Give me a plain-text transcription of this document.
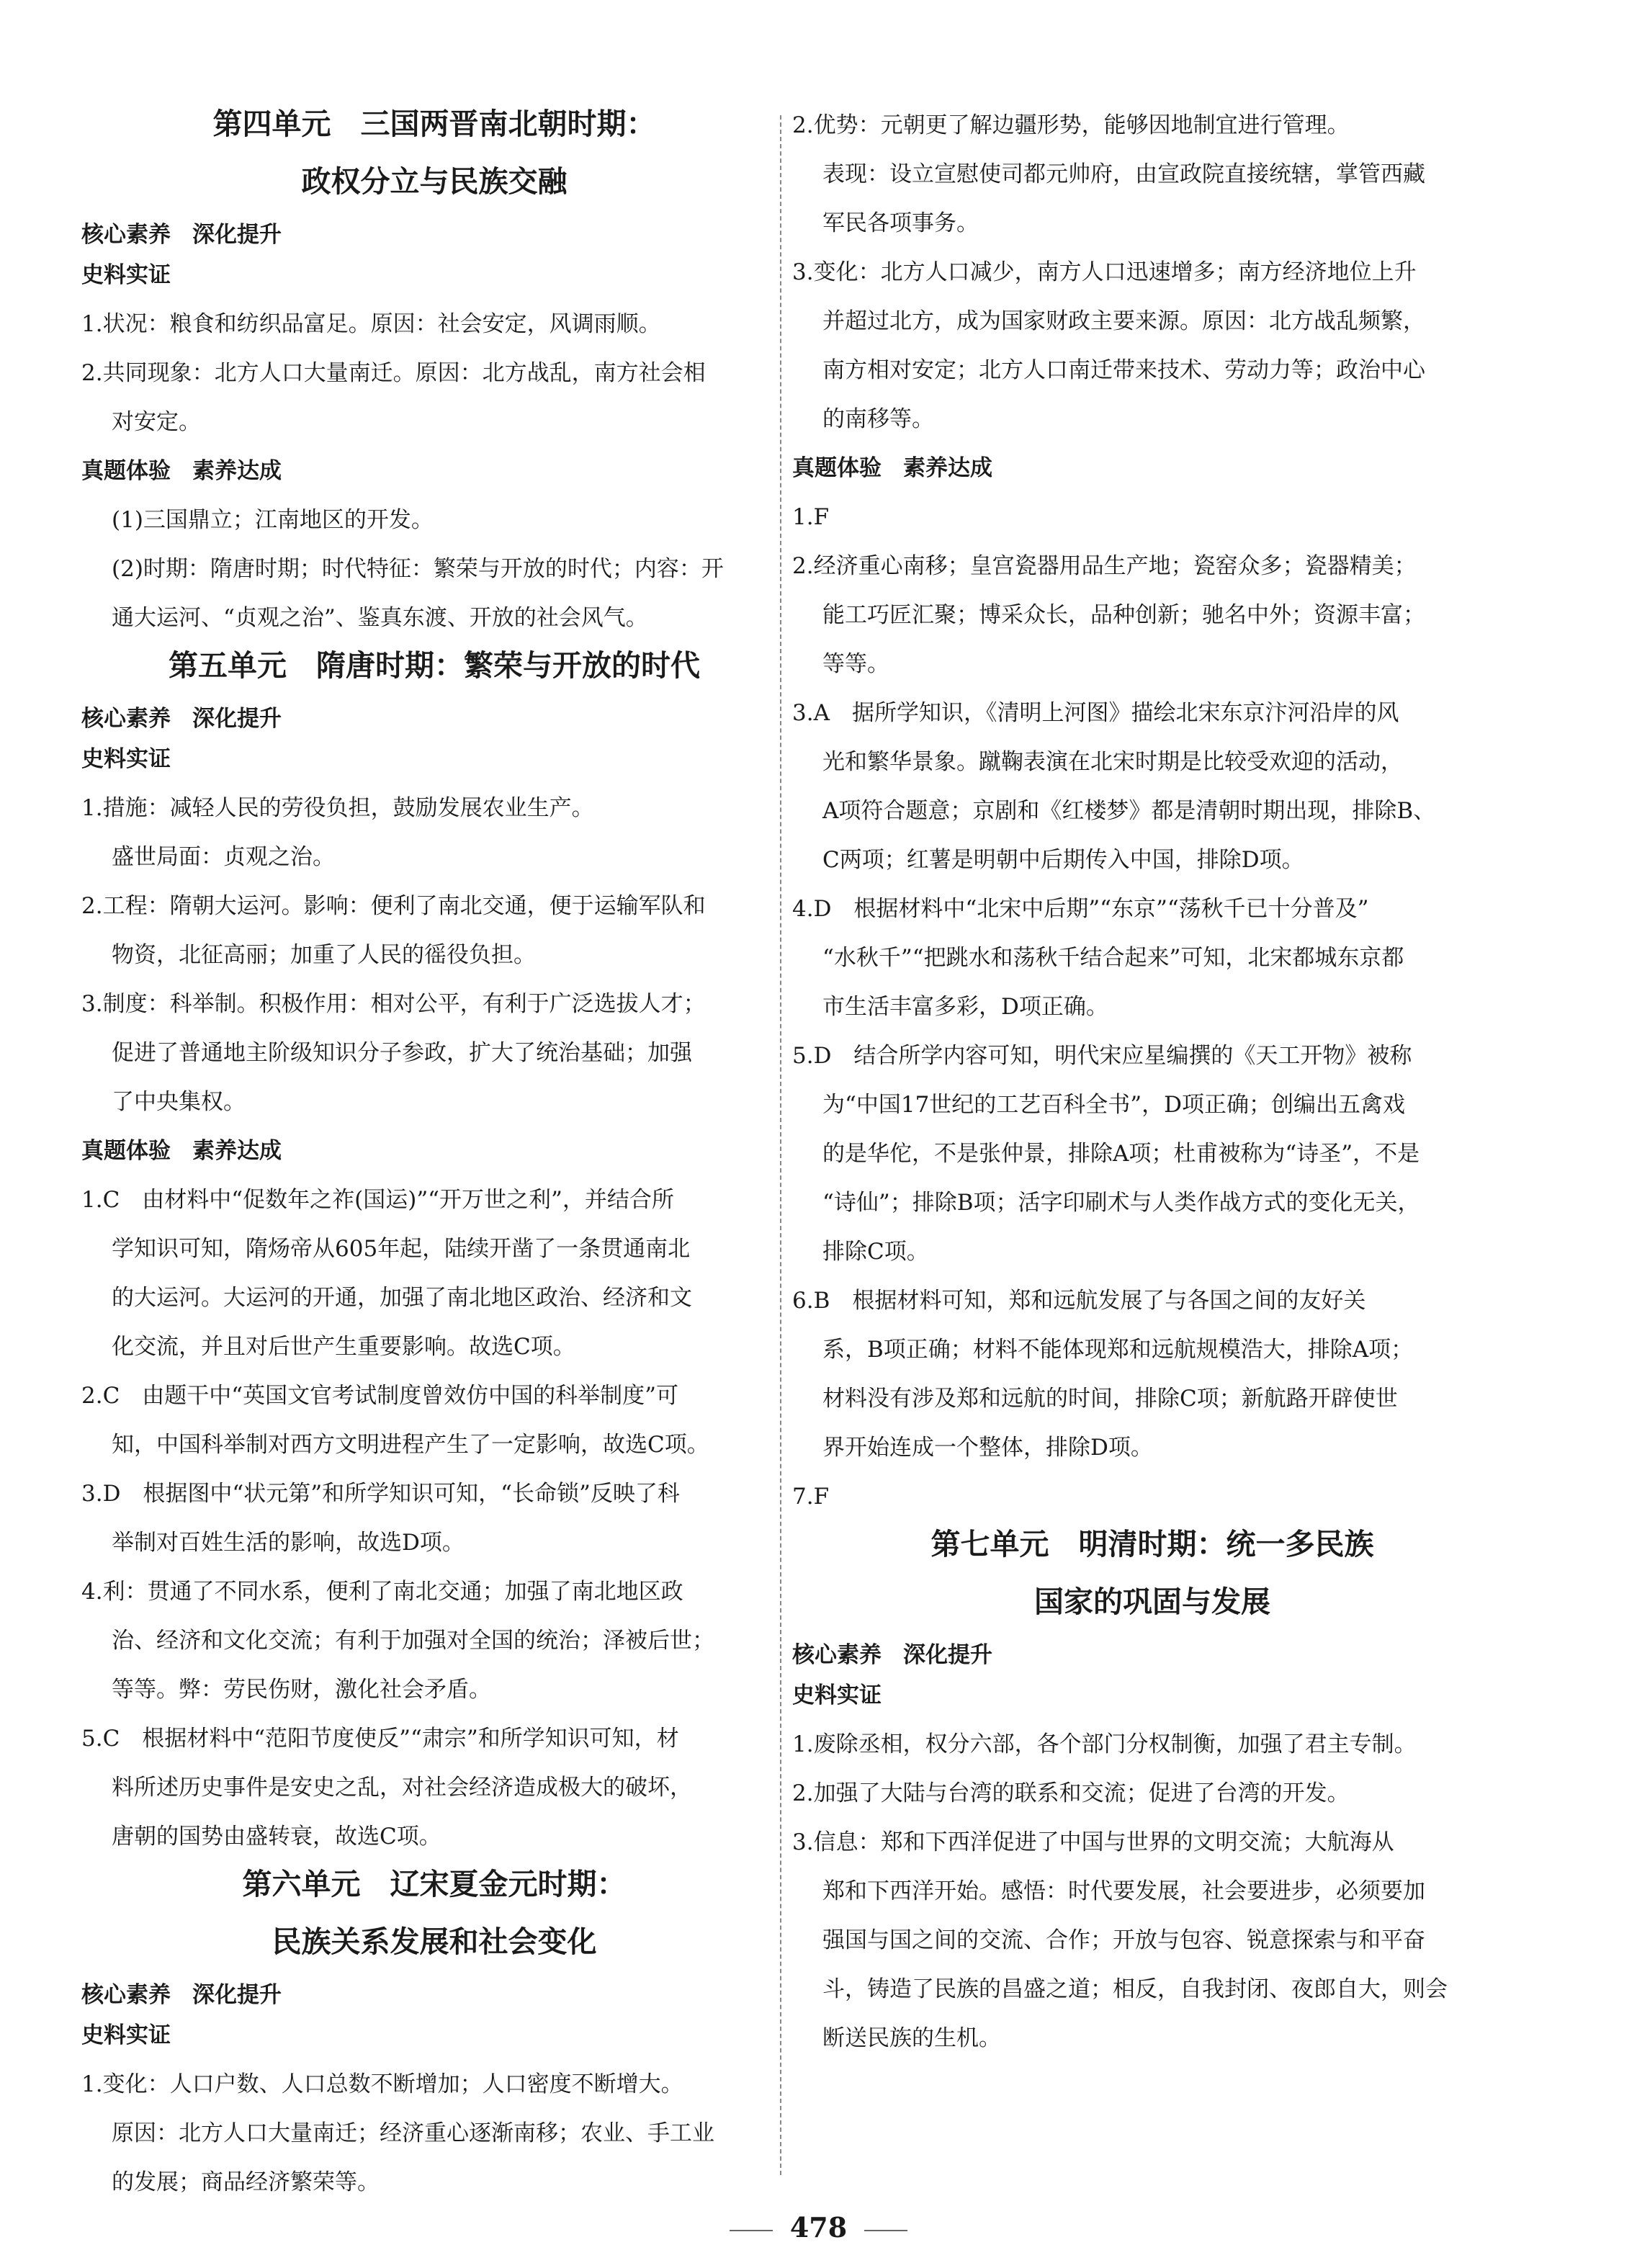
第四单元　三国两晋南北朝时期：
政权分立与民族交融
核心素养 深化提升
史料实证
1.状况：粮食和纺织品富足。原因：社会安定，风调雨顺。
2.共同现象：北方人口大量南迁。原因：北方战乱，南方社会相
对安定。
真题体验 素养达成
(1)三国鼎立；江南地区的开发。
(2)时期：隋唐时期；时代特征：繁荣与开放的时代；内容：开
通大运河、“贞观之治”、鉴真东渡、开放的社会风气。
第五单元　隋唐时期：繁荣与开放的时代
核心素养 深化提升
史料实证
1.措施：减轻人民的劳役负担，鼓励发展农业生产。
盛世局面：贞观之治。
2.工程：隋朝大运河。影响：便利了南北交通，便于运输军队和
物资，北征高丽；加重了人民的徭役负担。
3.制度：科举制。积极作用：相对公平，有利于广泛选拔人才；
促进了普通地主阶级知识分子参政，扩大了统治基础；加强
了中央集权。
真题体验 素养达成
1.C　由材料中“促数年之祚(国运)”“开万世之利”，并结合所
学知识可知，隋炀帝从605年起，陆续开凿了一条贯通南北
的大运河。大运河的开通，加强了南北地区政治、经济和文
化交流，并且对后世产生重要影响。故选C项。
2.C　由题干中“英国文官考试制度曾效仿中国的科举制度”可
知，中国科举制对西方文明进程产生了一定影响，故选C项。
3.D　根据图中“状元第”和所学知识可知，“长命锁”反映了科
举制对百姓生活的影响，故选D项。
4.利：贯通了不同水系，便利了南北交通；加强了南北地区政
治、经济和文化交流；有利于加强对全国的统治；泽被后世；
等等。弊：劳民伤财，激化社会矛盾。
5.C　根据材料中“范阳节度使反”“肃宗”和所学知识可知，材
料所述历史事件是安史之乱，对社会经济造成极大的破坏，
唐朝的国势由盛转衰，故选C项。
第六单元　辽宋夏金元时期：
民族关系发展和社会变化
核心素养 深化提升
史料实证
1.变化：人口户数、人口总数不断增加；人口密度不断增大。
原因：北方人口大量南迁；经济重心逐渐南移；农业、手工业
的发展；商品经济繁荣等。
2.优势：元朝更了解边疆形势，能够因地制宜进行管理。
表现：设立宣慰使司都元帅府，由宣政院直接统辖，掌管西藏
军民各项事务。
3.变化：北方人口减少，南方人口迅速增多；南方经济地位上升
并超过北方，成为国家财政主要来源。原因：北方战乱频繁，
南方相对安定；北方人口南迁带来技术、劳动力等；政治中心
的南移等。
真题体验 素养达成
1.F
2.经济重心南移；皇宫瓷器用品生产地；瓷窑众多；瓷器精美；
能工巧匠汇聚；博采众长，品种创新；驰名中外；资源丰富；
等等。
3.A　据所学知识，《清明上河图》描绘北宋东京汴河沿岸的风
光和繁华景象。蹴鞠表演在北宋时期是比较受欢迎的活动，
A项符合题意；京剧和《红楼梦》都是清朝时期出现，排除B、
C两项；红薯是明朝中后期传入中国，排除D项。
4.D　根据材料中“北宋中后期”“东京”“荡秋千已十分普及”
“水秋千”“把跳水和荡秋千结合起来”可知，北宋都城东京都
市生活丰富多彩，D项正确。
5.D　结合所学内容可知，明代宋应星编撰的《天工开物》被称
为“中国17世纪的工艺百科全书”，D项正确；创编出五禽戏
的是华佗，不是张仲景，排除A项；杜甫被称为“诗圣”，不是
“诗仙”；排除B项；活字印刷术与人类作战方式的变化无关，
排除C项。
6.B　根据材料可知，郑和远航发展了与各国之间的友好关
系，B项正确；材料不能体现郑和远航规模浩大，排除A项；
材料没有涉及郑和远航的时间，排除C项；新航路开辟使世
界开始连成一个整体，排除D项。
7.F
第七单元　明清时期：统一多民族
国家的巩固与发展
核心素养 深化提升
史料实证
1.废除丞相，权分六部，各个部门分权制衡，加强了君主专制。
2.加强了大陆与台湾的联系和交流；促进了台湾的开发。
3.信息：郑和下西洋促进了中国与世界的文明交流；大航海从
郑和下西洋开始。感悟：时代要发展，社会要进步，必须要加
强国与国之间的交流、合作；开放与包容、锐意探索与和平奋
斗，铸造了民族的昌盛之道；相反，自我封闭、夜郎自大，则会
断送民族的生机。
478
